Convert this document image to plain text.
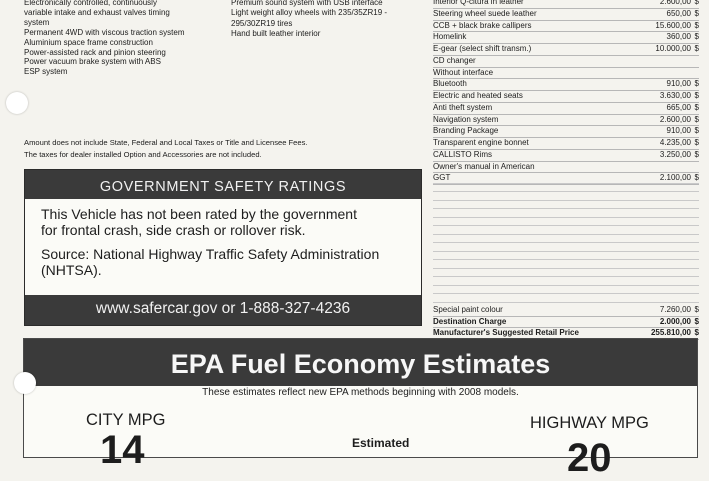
Electronically controlled, continuously
variable intake and exhaust valves timing
system
Permanent 4WD with viscous traction system
Aluminium space frame construction
Power-assisted rack and pinion steering
Power vacuum brake system with ABS
ESP system
Premium sound system with USB interface
Light weight alloy wheels with 235/35ZR19 -
295/30ZR19 tires
Hand built leather interior
Interior Q-citura in leather	2.600,00 $
Steering wheel suede leather	650,00 $
CCB + black brake callipers	15.600,00 $
Homelink	360,00 $
E-gear (select shift transm.)	10.000,00 $
CD changer
Without interface
Bluetooth	910,00 $
Electric and heated seats	3.630,00 $
Anti theft system	665,00 $
Navigation system	2.600,00 $
Branding Package	910,00 $
Transparent engine bonnet	4.235,00 $
CALLISTO Rims	3.250,00 $
Owner's manual in American
GGT	2.100,00 $
Special paint colour	7.260,00 $
Destination Charge	2.000,00 $
Manufacturer's Suggested Retail Price	255.810,00 $
Amount does not include State, Federal and Local Taxes or Title and Licensee Fees.
The taxes for dealer installed Option and Accessories are not included.
GOVERNMENT SAFETY RATINGS
This Vehicle has not been rated by the government
for frontal crash, side crash or rollover risk.
Source: National Highway Traffic Safety Administration
(NHTSA).
www.safercar.gov or 1-888-327-4236
EPA Fuel Economy Estimates
These estimates reflect new EPA methods beginning with 2008 models.
CITY MPG
14	Estimated
HIGHWAY MPG
20
